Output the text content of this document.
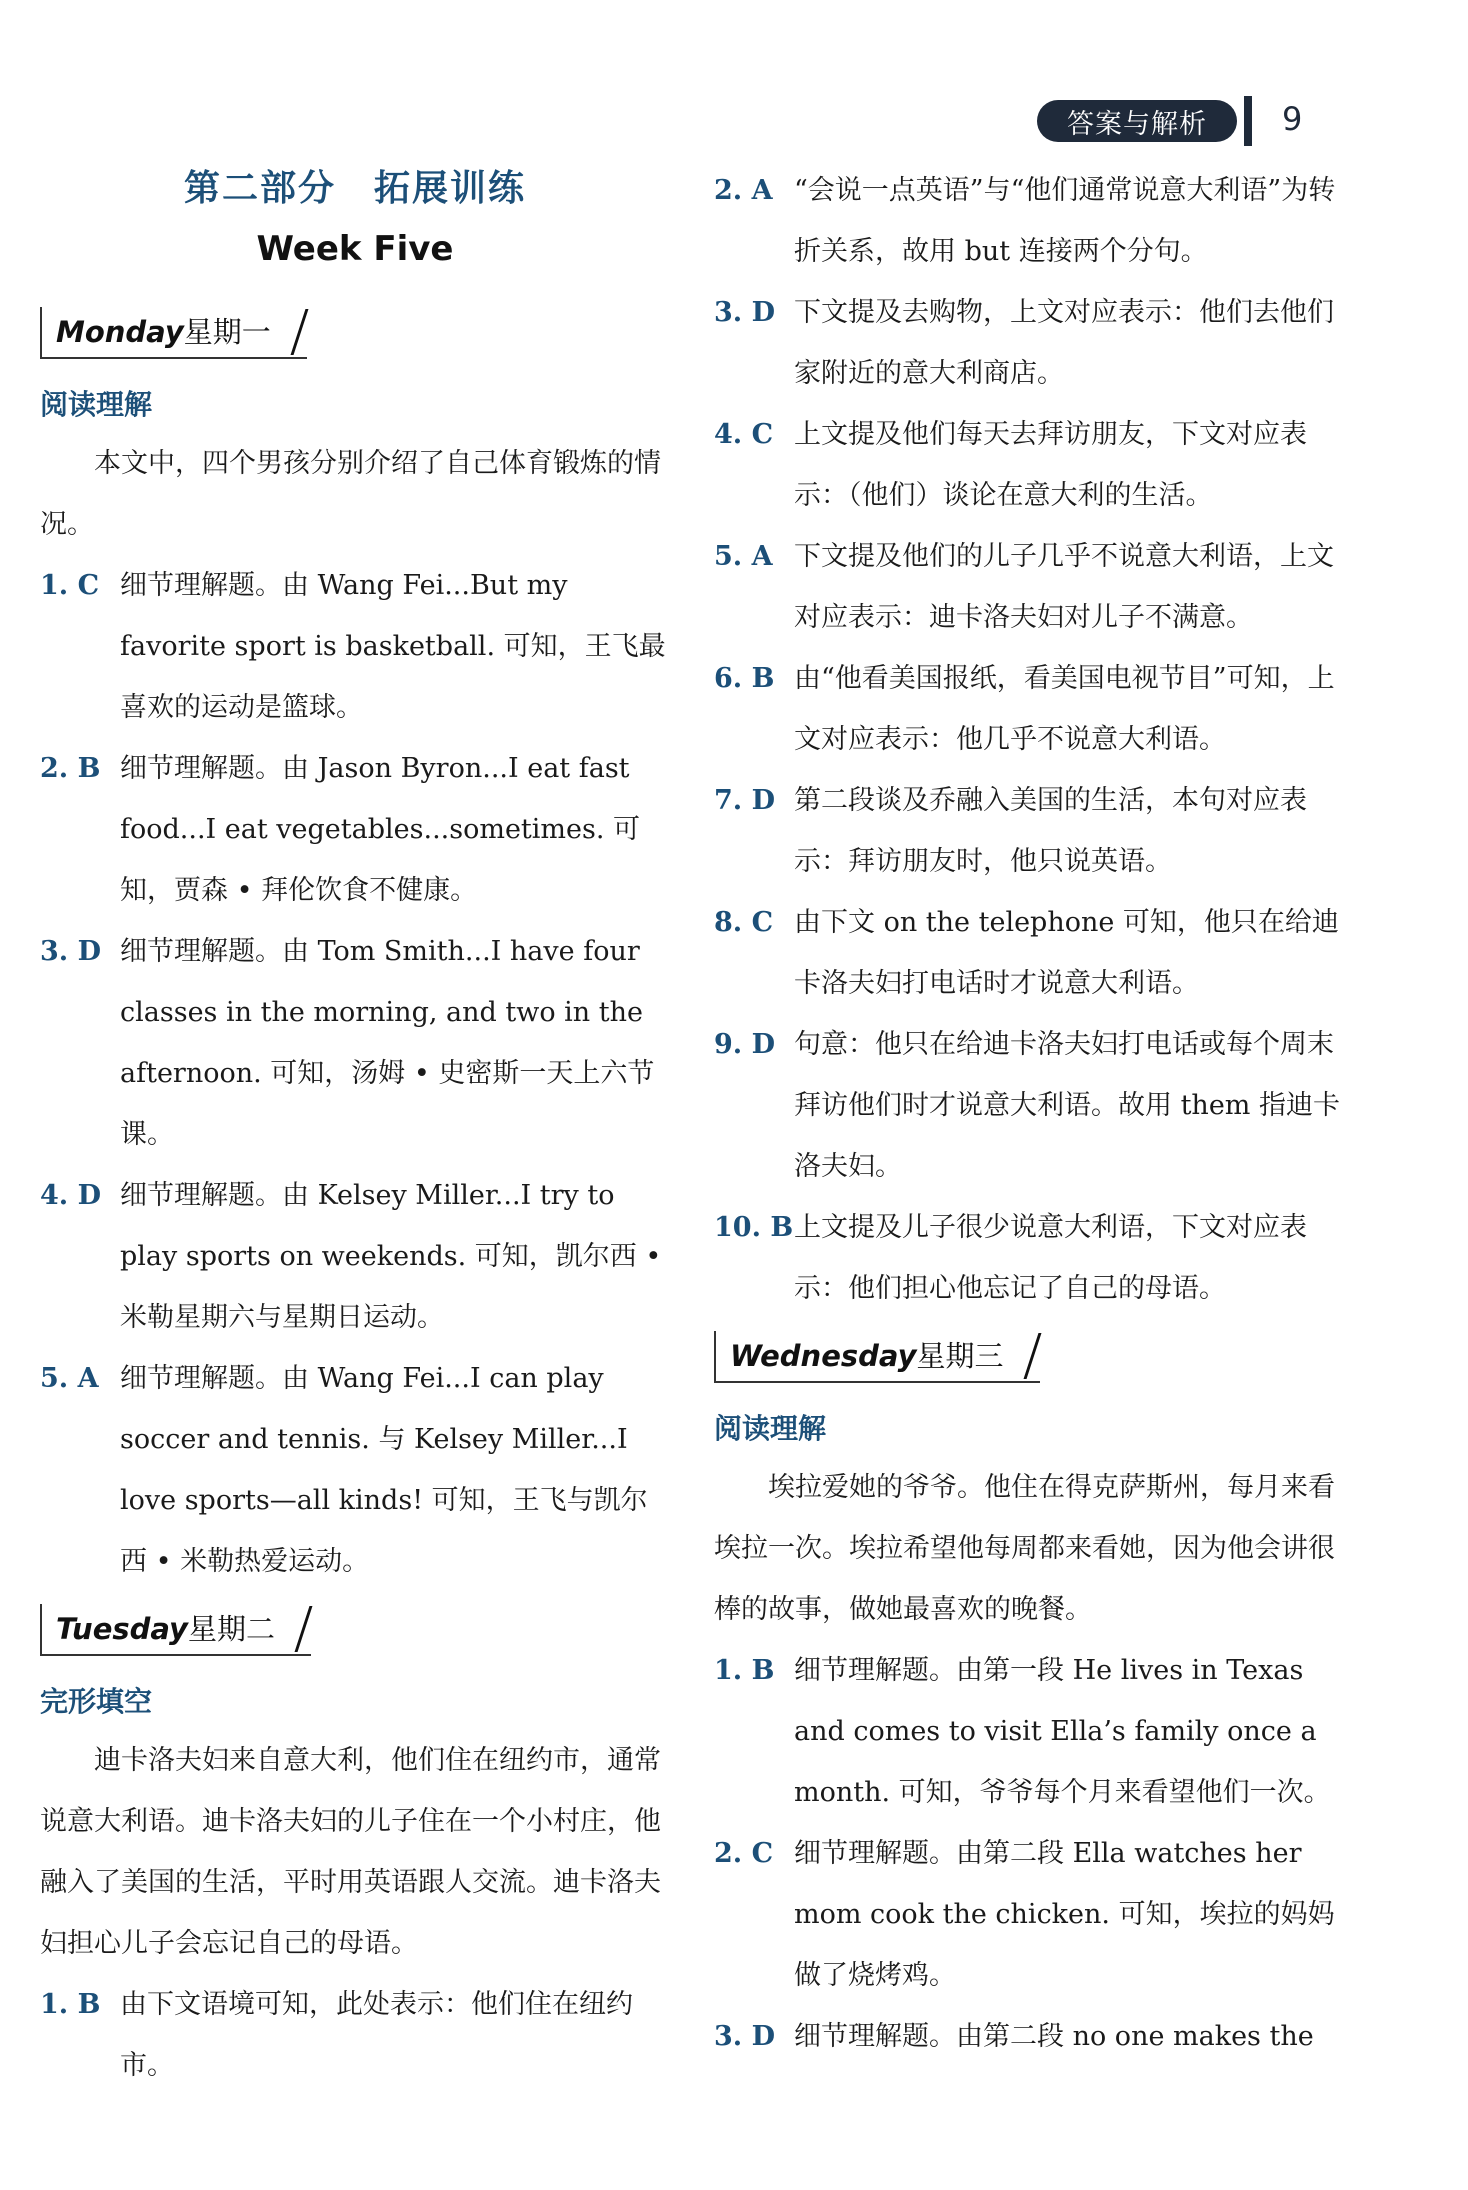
答案与解析	9
第二部分　拓展训练
Week Five
Monday星期一
阅读理解

本文中，四个男孩分别介绍了自己体育锻炼的情况。

1. C 细节理解题。由 Wang Fei...But my favorite sport is basketball. 可知，王飞最喜欢的运动是篮球。
2. B 细节理解题。由 Jason Byron...I eat fast food...I eat vegetables...sometimes. 可知，贾森 • 拜伦饮食不健康。
3. D 细节理解题。由 Tom Smith...I have four classes in the morning, and two in the afternoon. 可知，汤姆 • 史密斯一天上六节课。
4. D 细节理解题。由 Kelsey Miller...I try to play sports on weekends. 可知，凯尔西 • 米勒星期六与星期日运动。
5. A 细节理解题。由 Wang Fei...I can play soccer and tennis. 与 Kelsey Miller...I love sports—all kinds! 可知，王飞与凯尔西 • 米勒热爱运动。
Tuesday星期二
完形填空

迪卡洛夫妇来自意大利，他们住在纽约市，通常说意大利语。迪卡洛夫妇的儿子住在一个小村庄，他融入了美国的生活，平时用英语跟人交流。迪卡洛夫妇担心儿子会忘记自己的母语。

1. B 由下文语境可知，此处表示：他们住在纽约市。
2. A “会说一点英语”与“他们通常说意大利语”为转折关系，故用 but 连接两个分句。
3. D 下文提及去购物，上文对应表示：他们去他们家附近的意大利商店。
4. C 上文提及他们每天去拜访朋友，下文对应表示：（他们）谈论在意大利的生活。
5. A 下文提及他们的儿子几乎不说意大利语，上文对应表示：迪卡洛夫妇对儿子不满意。
6. B 由“他看美国报纸，看美国电视节目”可知，上文对应表示：他几乎不说意大利语。
7. D 第二段谈及乔融入美国的生活，本句对应表示：拜访朋友时，他只说英语。
8. C 由下文 on the telephone 可知，他只在给迪卡洛夫妇打电话时才说意大利语。
9. D 句意：他只在给迪卡洛夫妇打电话或每个周末拜访他们时才说意大利语。故用 them 指迪卡洛夫妇。
10. B 上文提及儿子很少说意大利语，下文对应表示：他们担心他忘记了自己的母语。
Wednesday星期三
阅读理解

埃拉爱她的爷爷。他住在得克萨斯州，每月来看埃拉一次。埃拉希望他每周都来看她，因为他会讲很棒的故事，做她最喜欢的晚餐。

1. B 细节理解题。由第一段 He lives in Texas and comes to visit Ella’s family once a month. 可知，爷爷每个月来看望他们一次。
2. C 细节理解题。由第二段 Ella watches her mom cook the chicken. 可知，埃拉的妈妈做了烧烤鸡。
3. D 细节理解题。由第二段 no one makes the
